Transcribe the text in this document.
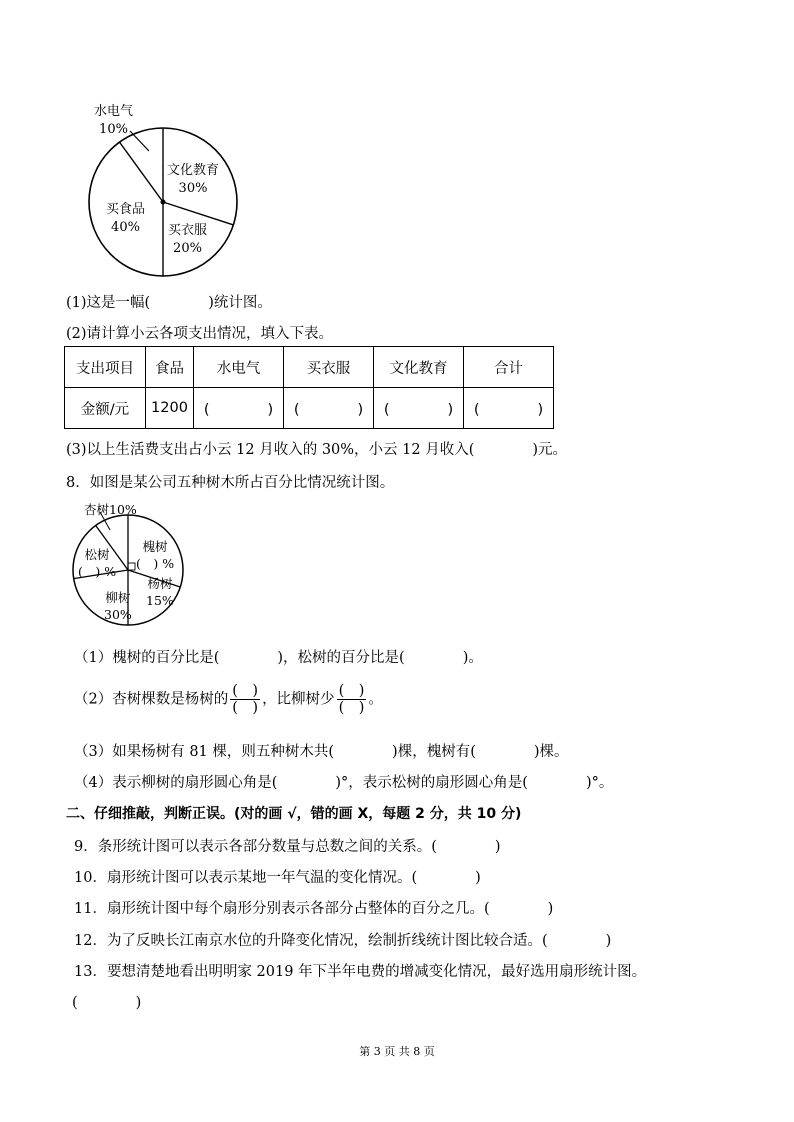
水电气
10%
文化教育
30%
买衣服
20%
买食品
40%
(1)这是一幅(　　　　)统计图。
(2)请计算小云各项支出情况，填入下表。
支出项目	食品	水电气	买衣服	文化教育	合计
金额/元	1200	(　　　　)	(　　　　)	(　　　　)	(　　　　)
(3)以上生活费支出占小云 12 月收入的 30%，小云 12 月收入(　　　　)元。
8．如图是某公司五种树木所占百分比情况统计图。
杏树10%
槐树
(　) %
松树
(　) %
杨树
15%
柳树
30%
（1）槐树的百分比是(　　　　)，松树的百分比是(　　　　)。
（2）杏树棵数是杨树的 $\frac{( )}{( )}$ ，比柳树少 $\frac{( )}{( )}$ 。
（3）如果杨树有 81 棵，则五种树木共(　　　　)棵，槐树有(　　　　)棵。
（4）表示柳树的扇形圆心角是(　　　　)°，表示松树的扇形圆心角是(　　　　)°。
二、仔细推敲，判断正误。(对的画 √，错的画 X，每题 2 分，共 10 分)
9．条形统计图可以表示各部分数量与总数之间的关系。(　　　　)
10．扇形统计图可以表示某地一年气温的变化情况。(　　　　)
11．扇形统计图中每个扇形分别表示各部分占整体的百分之几。(　　　　)
12．为了反映长江南京水位的升降变化情况，绘制折线统计图比较合适。(　　　　)
13．要想清楚地看出明明家 2019 年下半年电费的增减变化情况，最好选用扇形统计图。
(　　　　)
第 3 页 共 8 页
